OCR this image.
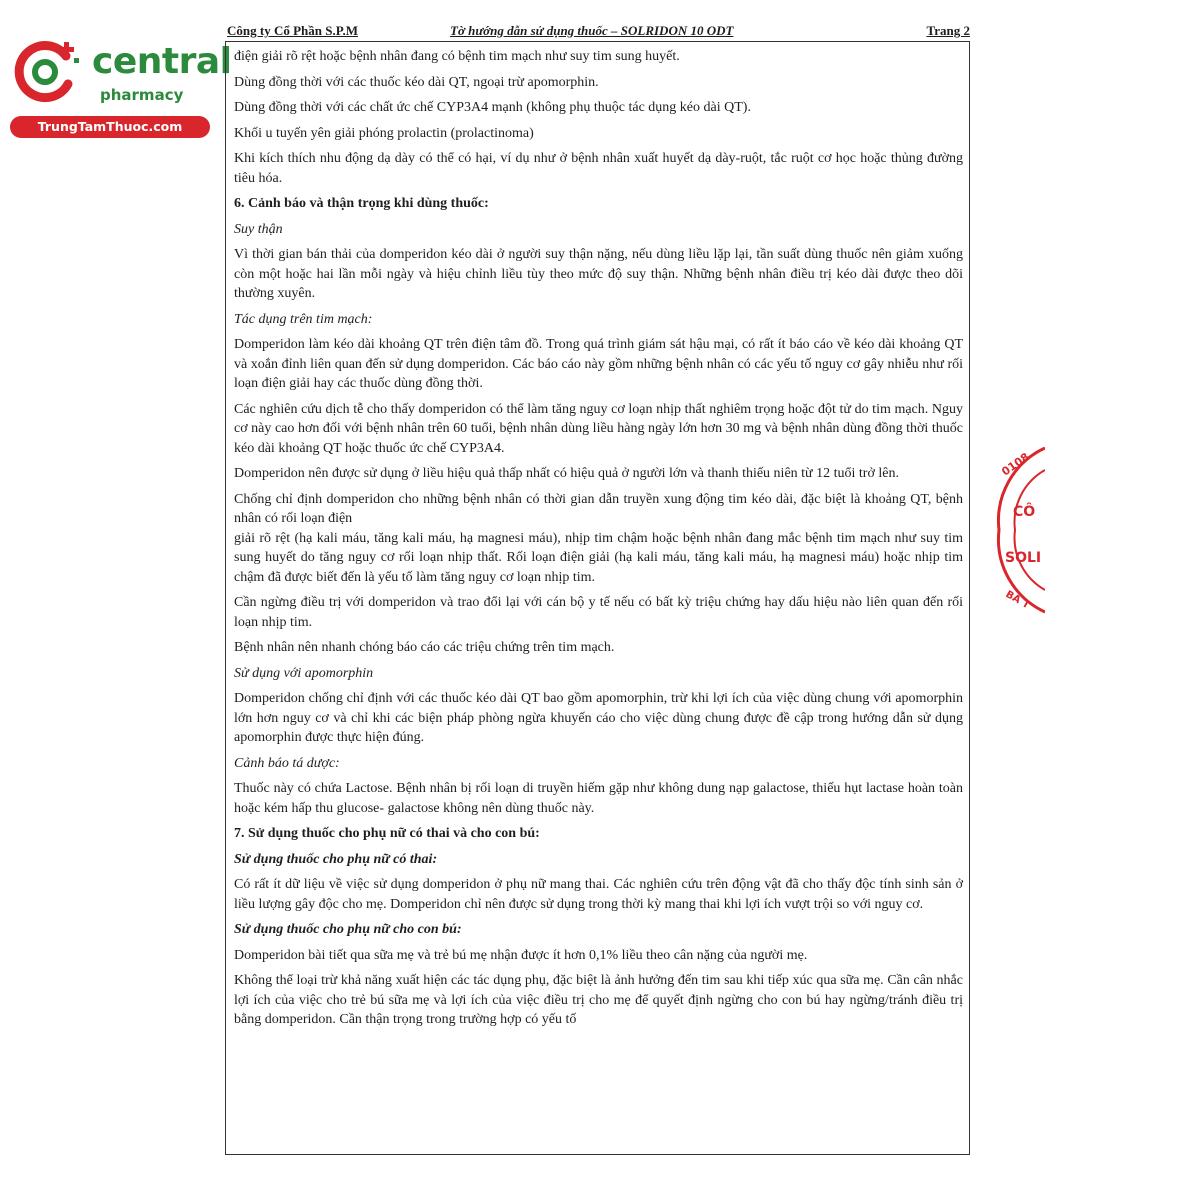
central
pharmacy
TrungTamThuoc.com
Công ty Cổ Phần S.P.M	Tờ hướng dẫn sử dụng thuốc – SOLRIDON 10 ODT	Trang 2

điện giải rõ rệt hoặc bệnh nhân đang có bệnh tim mạch như suy tim sung huyết.

Dùng đồng thời với các thuốc kéo dài QT, ngoại trừ apomorphin.

Dùng đồng thời với các chất ức chế CYP3A4 mạnh (không phụ thuộc tác dụng kéo dài QT).

Khối u tuyến yên giải phóng prolactin (prolactinoma)

Khi kích thích nhu động dạ dày có thể có hại, ví dụ như ở bệnh nhân xuất huyết dạ dày-ruột, tắc ruột cơ học hoặc thủng đường tiêu hóa.

6. Cảnh báo và thận trọng khi dùng thuốc:

Suy thận

Vì thời gian bán thải của domperidon kéo dài ở người suy thận nặng, nếu dùng liều lặp lại, tần suất dùng thuốc nên giảm xuống còn một hoặc hai lần mỗi ngày và hiệu chỉnh liều tùy theo mức độ suy thận. Những bệnh nhân điều trị kéo dài được theo dõi thường xuyên.

Tác dụng trên tim mạch:

Domperidon làm kéo dài khoảng QT trên điện tâm đồ. Trong quá trình giám sát hậu mại, có rất ít báo cáo về kéo dài khoảng QT và xoắn đỉnh liên quan đến sử dụng domperidon. Các báo cáo này gồm những bệnh nhân có các yếu tố nguy cơ gây nhiễu như rối loạn điện giải hay các thuốc dùng đồng thời.

Các nghiên cứu dịch tễ cho thấy domperidon có thể làm tăng nguy cơ loạn nhịp thất nghiêm trọng hoặc đột tử do tim mạch. Nguy cơ này cao hơn đối với bệnh nhân trên 60 tuổi, bệnh nhân dùng liều hàng ngày lớn hơn 30 mg và bệnh nhân dùng đồng thời thuốc kéo dài khoảng QT hoặc thuốc ức chế CYP3A4.

Domperidon nên được sử dụng ở liều hiệu quả thấp nhất có hiệu quả ở người lớn và thanh thiếu niên từ 12 tuổi trở lên.

Chống chỉ định domperidon cho những bệnh nhân có thời gian dẫn truyền xung động tim kéo dài, đặc biệt là khoảng QT, bệnh nhân có rối loạn điện

giải rõ rệt (hạ kali máu, tăng kali máu, hạ magnesi máu), nhịp tim chậm hoặc bệnh nhân đang mắc bệnh tim mạch như suy tim sung huyết do tăng nguy cơ rối loạn nhịp thất. Rối loạn điện giải (hạ kali máu, tăng kali máu, hạ magnesi máu) hoặc nhịp tim chậm đã được biết đến là yếu tố làm tăng nguy cơ loạn nhịp tim.

Cần ngừng điều trị với domperidon và trao đổi lại với cán bộ y tế nếu có bất kỳ triệu chứng hay dấu hiệu nào liên quan đến rối loạn nhịp tim.

Bệnh nhân nên nhanh chóng báo cáo các triệu chứng trên tim mạch.

Sử dụng với apomorphin

Domperidon chống chỉ định với các thuốc kéo dài QT bao gồm apomorphin, trừ khi lợi ích của việc dùng chung với apomorphin lớn hơn nguy cơ và chỉ khi các biện pháp phòng ngừa khuyến cáo cho việc dùng chung được đề cập trong hướng dẫn sử dụng apomorphin được thực hiện đúng.

Cảnh báo tá dược:

Thuốc này có chứa Lactose. Bệnh nhân bị rối loạn di truyền hiếm gặp như không dung nạp galactose, thiếu hụt lactase hoàn toàn hoặc kém hấp thu glucose- galactose không nên dùng thuốc này.

7. Sử dụng thuốc cho phụ nữ có thai và cho con bú:

Sử dụng thuốc cho phụ nữ có thai:

Có rất ít dữ liệu về việc sử dụng domperidon ở phụ nữ mang thai. Các nghiên cứu trên động vật đã cho thấy độc tính sinh sản ở liều lượng gây độc cho mẹ. Domperidon chỉ nên được sử dụng trong thời kỳ mang thai khi lợi ích vượt trội so với nguy cơ.

Sử dụng thuốc cho phụ nữ cho con bú:

Domperidon bài tiết qua sữa mẹ và trẻ bú mẹ nhận được ít hơn 0,1% liều theo cân nặng của người mẹ.

Không thể loại trừ khả năng xuất hiện các tác dụng phụ, đặc biệt là ảnh hưởng đến tim sau khi tiếp xúc qua sữa mẹ. Cần cân nhắc lợi ích của việc cho trẻ bú sữa mẹ và lợi ích của việc điều trị cho mẹ để quyết định ngừng cho con bú hay ngừng/tránh điều trị bằng domperidon. Cần thận trọng trong trường hợp có yếu tố

0108
CÔ
SOLI
BÀ T
